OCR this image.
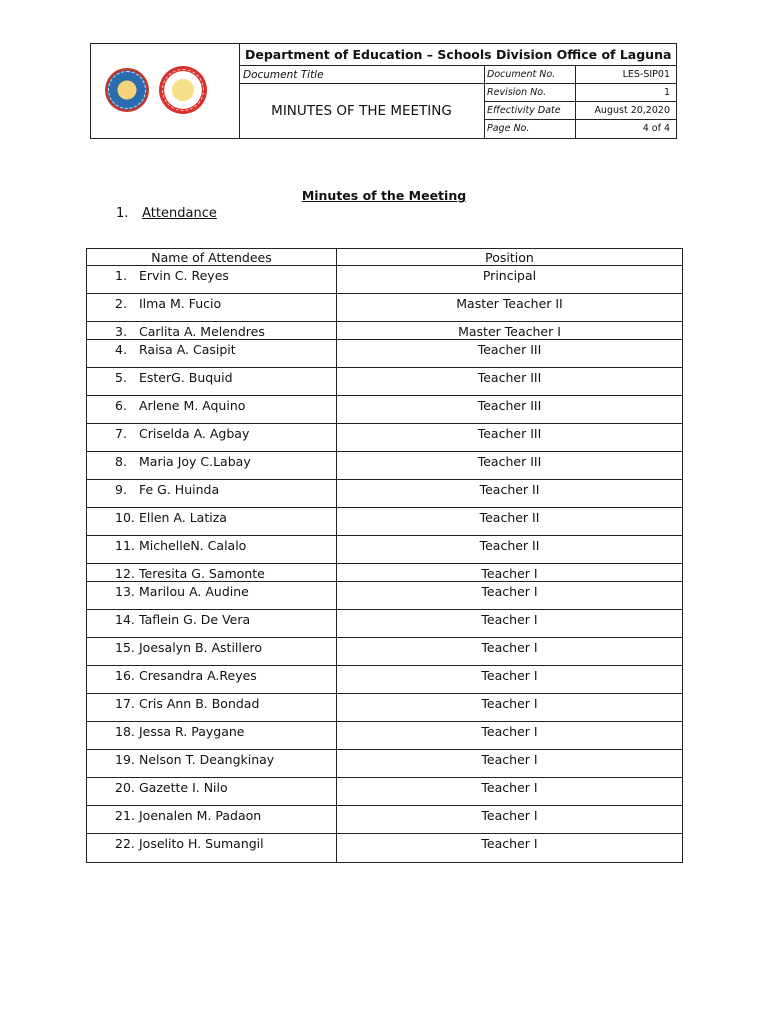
Department of Education – Schools Division Office of Laguna
Document Title
MINUTES OF THE MEETING
Document No.	LES-SIP01
Revision No.	1
Effectivity Date	August 20,2020
Page No.	4 of 4
Minutes of the Meeting
1. Attendance
Name of Attendees	Position
1. Ervin C. Reyes	Principal
2. Ilma M. Fucio	Master Teacher II
3. Carlita A. Melendres	Master Teacher I
4. Raisa A. Casipit	Teacher III
5. EsterG. Buquid	Teacher III
6. Arlene M. Aquino	Teacher III
7. Criselda A. Agbay	Teacher III
8. Maria Joy C.Labay	Teacher III
9. Fe G. Huinda	Teacher II
10. Ellen A. Latiza	Teacher II
11. MichelleN. Calalo	Teacher II
12. Teresita G. Samonte	Teacher I
13. Marilou A. Audine	Teacher I
14. Taflein G. De Vera	Teacher I
15. Joesalyn B. Astillero	Teacher I
16. Cresandra A.Reyes	Teacher I
17. Cris Ann B. Bondad	Teacher I
18. Jessa R. Paygane	Teacher I
19. Nelson T. Deangkinay	Teacher I
20. Gazette I. Nilo	Teacher I
21. Joenalen M. Padaon	Teacher I
22. Joselito H. Sumangil	Teacher I
